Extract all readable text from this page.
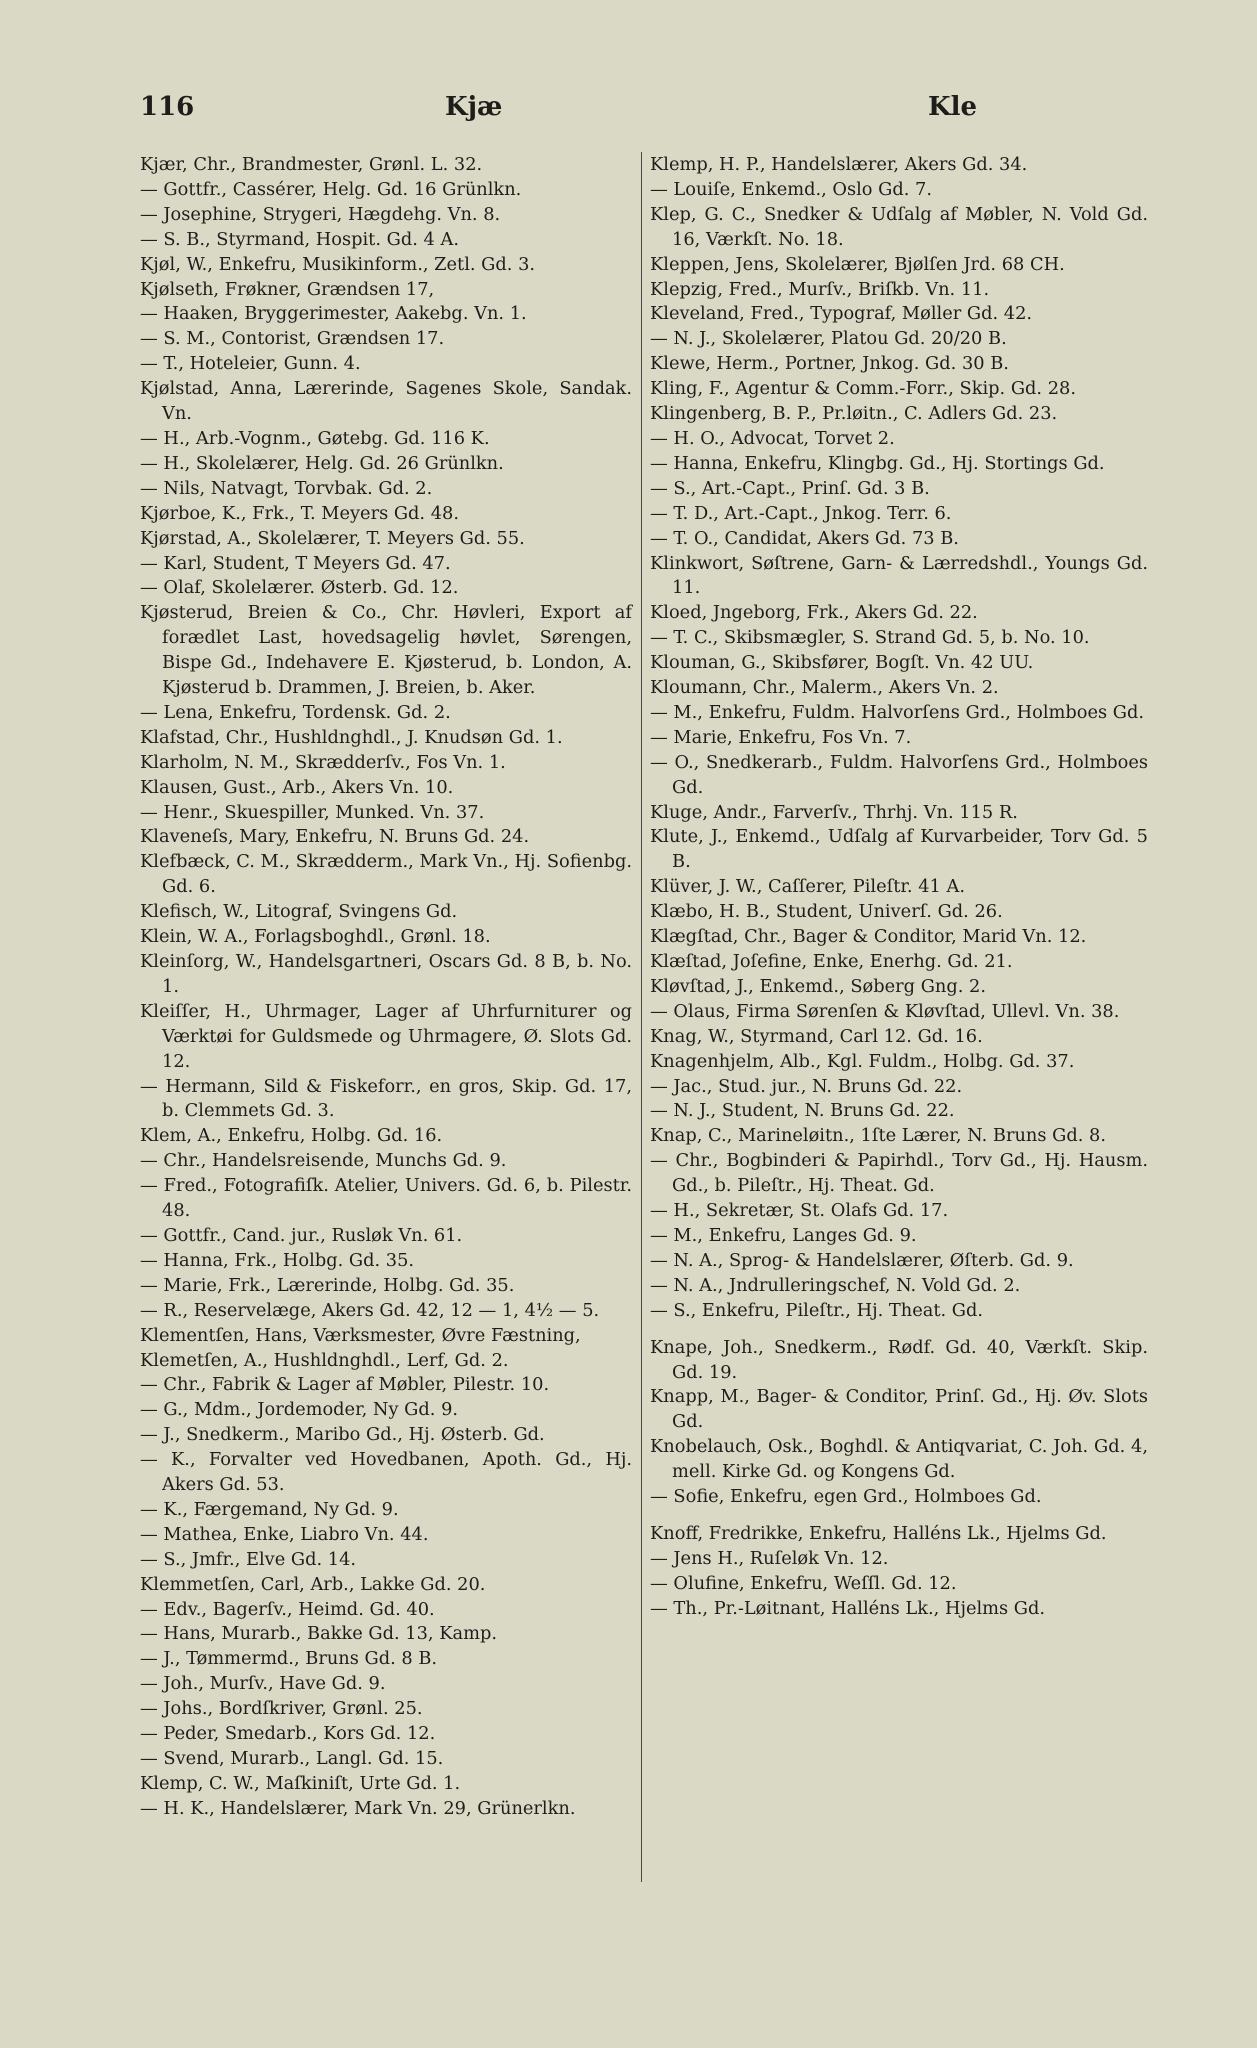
116	Kjæ	Kle
Kjær, Chr., Brandmester, Grønl. L. 32.
— Gottfr., Cassérer, Helg. Gd. 16 Grünlkn.
— Josephine, Strygeri, Hægdehg. Vn. 8.
— S. B., Styrmand, Hospit. Gd. 4 A.
Kjøl, W., Enkefru, Musikinform., Zetl. Gd. 3.
Kjølseth, Frøkner, Grændsen 17,
— Haaken, Bryggerimester, Aakebg. Vn. 1.
— S. M., Contorist, Grændsen 17.
— T., Hoteleier, Gunn. 4.
Kjølstad, Anna, Lærerinde, Sagenes Skole, Sandak. Vn.
— H., Arb.-Vognm., Gøtebg. Gd. 116 K.
— H., Skolelærer, Helg. Gd. 26 Grünlkn.
— Nils, Natvagt, Torvbak. Gd. 2.
Kjørboe, K., Frk., T. Meyers Gd. 48.
Kjørstad, A., Skolelærer, T. Meyers Gd. 55.
— Karl, Student, T Meyers Gd. 47.
— Olaf, Skolelærer. Østerb. Gd. 12.
Kjøsterud, Breien & Co., Chr. Høvleri, Export af forædlet Last, hovedsagelig høvlet, Sørengen, Bispe Gd., Indehavere E. Kjøsterud, b. London, A. Kjøsterud b. Drammen, J. Breien, b. Aker.
— Lena, Enkefru, Tordensk. Gd. 2.
Klafstad, Chr., Hushldnghdl., J. Knudsøn Gd. 1.
Klarholm, N. M., Skrædderſv., Fos Vn. 1.
Klausen, Gust., Arb., Akers Vn. 10.
— Henr., Skuespiller, Munked. Vn. 37.
Klaveneſs, Mary, Enkefru, N. Bruns Gd. 24.
Klefbæck, C. M., Skrædderm., Mark Vn., Hj. Sofienbg. Gd. 6.
Klefisch, W., Litograf, Svingens Gd.
Klein, W. A., Forlagsboghdl., Grønl. 18.
Kleinſorg, W., Handelsgartneri, Oscars Gd. 8 B, b. No. 1.
Kleiſſer, H., Uhrmager, Lager af Uhrfurniturer og Værktøi for Guldsmede og Uhrmagere, Ø. Slots Gd. 12.
— Hermann, Sild & Fiskeforr., en gros, Skip. Gd. 17, b. Clemmets Gd. 3.
Klem, A., Enkefru, Holbg. Gd. 16.
— Chr., Handelsreisende, Munchs Gd. 9.
— Fred., Fotografiſk. Atelier, Univers. Gd. 6, b. Pilestr. 48.
— Gottfr., Cand. jur., Rusløk Vn. 61.
— Hanna, Frk., Holbg. Gd. 35.
— Marie, Frk., Lærerinde, Holbg. Gd. 35.
— R., Reservelæge, Akers Gd. 42, 12 — 1, 4½ — 5.
Klementſen, Hans, Værksmester, Øvre Fæstning,
Klemetſen, A., Hushldnghdl., Lerf, Gd. 2.
— Chr., Fabrik & Lager af Møbler, Pilestr. 10.
— G., Mdm., Jordemoder, Ny Gd. 9.
— J., Snedkerm., Maribo Gd., Hj. Østerb. Gd.
— K., Forvalter ved Hovedbanen, Apoth. Gd., Hj. Akers Gd. 53.
— K., Færgemand, Ny Gd. 9.
— Mathea, Enke, Liabro Vn. 44.
— S., Jmfr., Elve Gd. 14.
Klemmetſen, Carl, Arb., Lakke Gd. 20.
— Edv., Bagerſv., Heimd. Gd. 40.
— Hans, Murarb., Bakke Gd. 13, Kamp.
— J., Tømmermd., Bruns Gd. 8 B.
— Joh., Murſv., Have Gd. 9.
— Johs., Bordſkriver, Grønl. 25.
— Peder, Smedarb., Kors Gd. 12.
— Svend, Murarb., Langl. Gd. 15.
Klemp, C. W., Maſkiniſt, Urte Gd. 1.
— H. K., Handelslærer, Mark Vn. 29, Grünerlkn.
Klemp, H. P., Handelslærer, Akers Gd. 34.
— Louiſe, Enkemd., Oslo Gd. 7.
Klep, G. C., Snedker & Udſalg af Møbler, N. Vold Gd. 16, Værkſt. No. 18.
Kleppen, Jens, Skolelærer, Bjølſen Jrd. 68 CH.
Klepzig, Fred., Murſv., Briſkb. Vn. 11.
Kleveland, Fred., Typograf, Møller Gd. 42.
— N. J., Skolelærer, Platou Gd. 20/20 B.
Klewe, Herm., Portner, Jnkog. Gd. 30 B.
Kling, F., Agentur & Comm.-Forr., Skip. Gd. 28.
Klingenberg, B. P., Pr.løitn., C. Adlers Gd. 23.
— H. O., Advocat, Torvet 2.
— Hanna, Enkefru, Klingbg. Gd., Hj. Stortings Gd.
— S., Art.-Capt., Prinſ. Gd. 3 B.
— T. D., Art.-Capt., Jnkog. Terr. 6.
— T. O., Candidat, Akers Gd. 73 B.
Klinkwort, Søſtrene, Garn- & Lærredshdl., Youngs Gd. 11.
Kloed, Jngeborg, Frk., Akers Gd. 22.
— T. C., Skibsmægler, S. Strand Gd. 5, b. No. 10.
Klouman, G., Skibsfører, Bogſt. Vn. 42 UU.
Kloumann, Chr., Malerm., Akers Vn. 2.
— M., Enkefru, Fuldm. Halvorſens Grd., Holmboes Gd.
— Marie, Enkefru, Fos Vn. 7.
— O., Snedkerarb., Fuldm. Halvorſens Grd., Holmboes Gd.
Kluge, Andr., Farverſv., Thrhj. Vn. 115 R.
Klute, J., Enkemd., Udſalg af Kurvarbeider, Torv Gd. 5 B.
Klüver, J. W., Caſſerer, Pileſtr. 41 A.
Klæbo, H. B., Student, Univerſ. Gd. 26.
Klægſtad, Chr., Bager & Conditor, Marid Vn. 12.
Klæſtad, Joſefine, Enke, Enerhg. Gd. 21.
Kløvſtad, J., Enkemd., Søberg Gng. 2.
— Olaus, Firma Sørenſen & Kløvſtad, Ullevl. Vn. 38.
Knag, W., Styrmand, Carl 12. Gd. 16.
Knagenhjelm, Alb., Kgl. Fuldm., Holbg. Gd. 37.
— Jac., Stud. jur., N. Bruns Gd. 22.
— N. J., Student, N. Bruns Gd. 22.
Knap, C., Marineløitn., 1ſte Lærer, N. Bruns Gd. 8.
— Chr., Bogbinderi & Papirhdl., Torv Gd., Hj. Hausm. Gd., b. Pileſtr., Hj. Theat. Gd.
— H., Sekretær, St. Olafs Gd. 17.
— M., Enkefru, Langes Gd. 9.
— N. A., Sprog- & Handelslærer, Øſterb. Gd. 9.
— N. A., Jndrulleringschef, N. Vold Gd. 2.
— S., Enkefru, Pileſtr., Hj. Theat. Gd.
Knape, Joh., Snedkerm., Rødf. Gd. 40, Værkſt. Skip. Gd. 19.
Knapp, M., Bager- & Conditor, Prinſ. Gd., Hj. Øv. Slots Gd.
Knobelauch, Osk., Boghdl. & Antiqvariat, C. Joh. Gd. 4, mell. Kirke Gd. og Kongens Gd.
— Sofie, Enkefru, egen Grd., Holmboes Gd.
Knoff, Fredrikke, Enkefru, Halléns Lk., Hjelms Gd.
— Jens H., Ruſeløk Vn. 12.
— Olufine, Enkefru, Weſſl. Gd. 12.
— Th., Pr.-Løitnant, Halléns Lk., Hjelms Gd.
